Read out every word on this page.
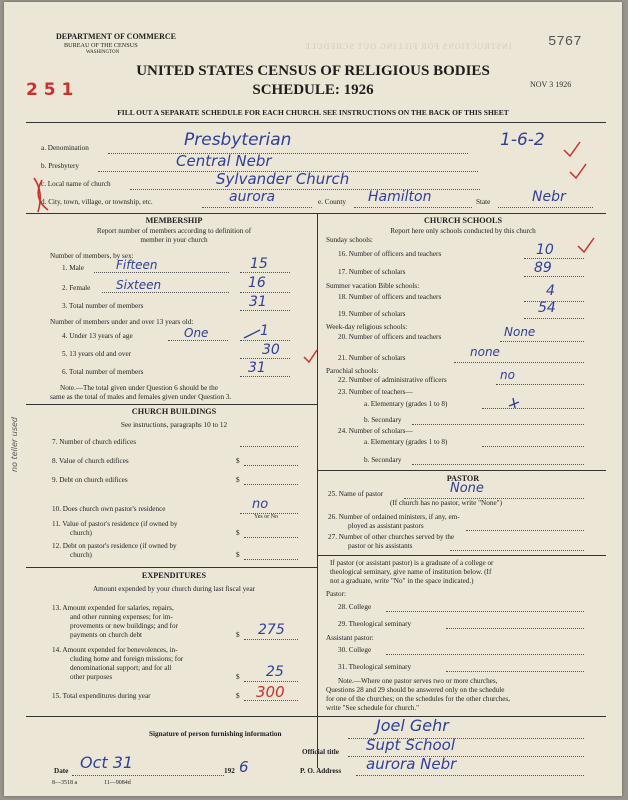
INSTRUCTIONS FOR FILLING OUT SCHEDULE
DEPARTMENT OF COMMERCE
BUREAU OF THE CENSUS
WASHINGTON
5767
NOV 3 1926
2 5 1
UNITED STATES CENSUS OF RELIGIOUS BODIES
SCHEDULE: 1926
FILL OUT A SEPARATE SCHEDULE FOR EACH CHURCH. SEE INSTRUCTIONS ON THE BACK OF THIS SHEET
a. Denomination	Presbyterian	1-6-2
b. Presbytery	Central Nebr
c. Local name of church	Sylvander Church
d. City, town, village, or township, etc.	aurora	e. County Hamilton	State	Nebr
MEMBERSHIP
Report number of members according to definition of
member in your church
Number of members, by sex:
1. Male	Fifteen	15
2. Female Sixteen	16
3. Total number of members	31
Number of members under and over 13 years old:
4. Under 13 years of age	One	1
5. 13 years old and over	30
6. Total number of members	31
Note.—The total given under Question 6 should be the
same as the total of males and females given under Question 3.
CHURCH BUILDINGS
See instructions, paragraphs 10 to 12
7. Number of church edifices
8. Value of church edifices	$
9. Debt on church edifices	$
10. Does church own pastor's residence	no
Yes or No
11. Value of pastor's residence (if owned by
church)	$
12. Debt on pastor's residence (if owned by
church)	$
EXPENDITURES
Amount expended by your church during last fiscal year
13. Amount expended for salaries, repairs,
and other running expenses; for im-
provements or new buildings; and for
payments on church debt	$ 275
14. Amount expended for benevolences, in-
cluding home and foreign missions; for
denominational support; and for all
other purposes	$ 25
15. Total expenditures during year	$ 300
CHURCH SCHOOLS
Report here only schools conducted by this church
Sunday schools:
16. Number of officers and teachers	10
17. Number of scholars	89
Summer vacation Bible schools:
18. Number of officers and teachers	4
19. Number of scholars	54
Week-day religious schools:
20. Number of officers and teachers	None
21. Number of scholars	none
Parochial schools:
22. Number of administrative officers	no
23. Number of teachers—
a. Elementary (grades 1 to 8)
b. Secondary
24. Number of scholars—
a. Elementary (grades 1 to 8)
b. Secondary
PASTOR
25. Name of pastor	None
(If church has no pastor, write "None")
26. Number of ordained ministers, if any, em-
ployed as assistant pastors
27. Number of other churches served by the
pastor or his assistants
If pastor (or assistant pastor) is a graduate of a college or
theological seminary, give name of institution below. (If
not a graduate, write "No" in the space indicated.)
Pastor:
28. College
29. Theological seminary
Assistant pastor:
30. College
31. Theological seminary
Note.—Where one pastor serves two or more churches,
Questions 28 and 29 should be answered only on the schedule
for one of the churches; on the schedules for the other churches,
write "See schedule for church."
Signature of person furnishing information	Joel Gehr
Official title Supt School
Date Oct 31	192 6	P. O. Address aurora Nebr
8—3518 a	11—9084d
no teller used
